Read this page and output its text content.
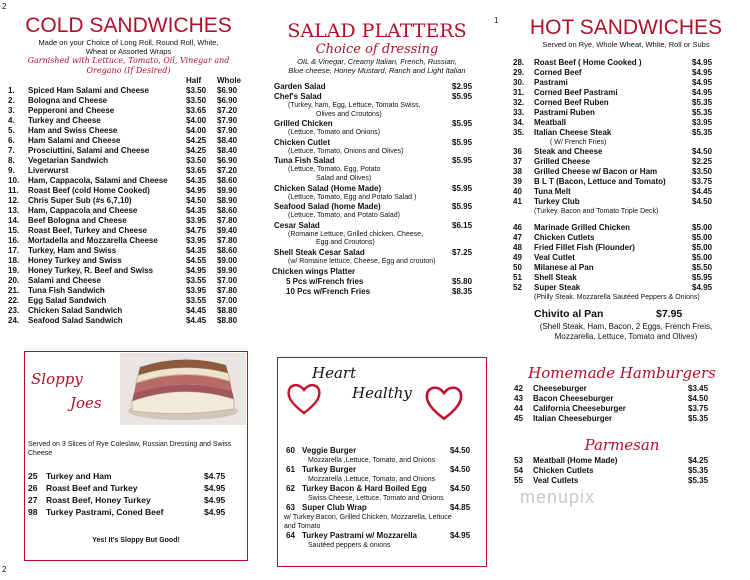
2
1
2
COLD SANDWICHES
Made on your Choice of Long Roll, Round Roll, White,
Wheat or Assorted Wraps
Garnished with Lettuce, Tomato, Oil, Vinegar and
Oregano (If Desired)
Half Whole
1. Spiced Ham Salami and Cheese	$3.50 $6.90
2. Bologna and Cheese	$3.50 $6.90
3. Pepperoni and Cheese	$3.65 $7.20
4. Turkey and Cheese	$4.00 $7.90
5. Ham and Swiss Cheese	$4.00 $7.90
6. Ham Salami and Cheese	$4.25 $8.40
7. Prosciuttini, Salami and Cheese	$4.25 $8.40
8. Vegetarian Sandwich	$3.50 $6.90
9. Liverwurst	$3.65 $7.20
10. Ham, Cappacola, Salami and Cheese $4.35 $8.60
11. Roast Beef (cold Home Cooked)	$4.95 $9.90
12. Chris Super Sub (#s 6,7,10)	$4.50 $8.90
13. Ham, Cappacola and Cheese	$4.35 $8.60
14. Beef Bologna and Cheese	$3.95 $7.80
15. Roast Beef, Turkey and Cheese	$4.75 $9.40
16. Mortadella and Mozzarella Cheese	$3.95 $7.80
17. Turkey, Ham and Swiss	$4.35 $8.60
18. Honey Turkey and Swiss	$4.55 $9.00
19. Honey Turkey, R. Beef and Swiss	$4.95 $9.90
20. Salami and Cheese	$3.55 $7.00
21. Tuna Fish Sandwich	$3.95 $7.80
22. Egg Salad Sandwich	$3.55 $7.00
23. Chicken Salad Sandwich	$4.45 $8.80
24. Seafood Salad Sandwich	$4.45 $8.80
SALAD PLATTERS
Choice of dressing
OIL & Vinegar, Creamy Italian, French, Russian,
Blue cheese, Honey Mustard, Ranch and Light Italian
Garden Salad	$2.95
Chef's Salad	$5.95
(Turkey, ham, Egg, Lettuce, Tomato Swiss,
Olives and Croutons)
Grilled Chicken	$5.95
(Lettuce, Tomato and Onions)
Chicken Cutlet	$5.95
(Lettuce, Tomato, Onions and Olives)
Tuna Fish Salad	$5.95
(Lettuce, Tomato, Egg, Potato
Salad and Olives)
Chicken Salad (Home Made)	$5.95
(Lettuce, Tomato, Egg and Potato Salad )
Seafood Salad (home Made)	$5.95
(Lettuce, Tomato, and Potato Salad)
Cesar Salad	$6.15
(Romaine Lettuce, Grilled chicken, Cheese,
Egg and Croutons)
Shell Steak Cesar Salad	$7.25
(w/ Romaine lettuce, Cheese, Egg and crouton)
Chicken wings Platter
5 Pcs w/French fries	$5.80
10 Pcs w/French Fries	$8.35
HOT SANDWICHES
Served on Rye, Whole Wheat, White, Roll or Subs
28. Roast Beef ( Home Cooked )	$4.95
29. Corned Beef	$4.95
30. Pastrami	$4.95
31. Corned Beef Pastrami	$4.95
32. Corned Beef Ruben	$5.35
33. Pastrami Ruben	$5.35
34. Meatball	$3.95
35. Italian Cheese Steak	$5.35
( W/ French Fries)
36 Steak and Cheese	$4.50
37 Grilled Cheese	$2.25
38 Grilled Cheese w/ Bacon or Ham	$3.50
39 B L T (Bacon, Lettuce and Tomato)	$3.75
40 Tuna Melt	$4.45
41 Turkey Club	$4.50
(Turkey, Bacon and Tomato Triple Deck)
46 Marinade Grilled Chicken	$5.00
47 Chicken Cutlets	$5.00
48 Fried Fillet Fish (Flounder)	$5.00
49 Veal Cutlet	$5.00
50 Milanese al Pan	$5.50
51 Shell Steak	$5.95
52 Super Steak	$4.95
(Philly Steak. Mozzarella Sautéed Peppers & Onions)
Chivito al Pan	$7.95
(Shell Steak, Ham, Bacon, 2 Eggs, French Freis,
Mozzarella, Lettuce, Tomato and Olives)
Sloppy
Joes
Served on 3 Slices of Rye Coleslaw, Russian Dressing and Swiss Cheese
25 Turkey and Ham	$4.75
26 Roast Beef and Turkey	$4.95
27 Roast Beef, Honey Turkey	$4.95
98 Turkey Pastrami, Coned Beef	$4.95
Yes! It's Sloppy But Good!
Heart
Healthy
60 Veggie Burger	$4.50
Mozzarella ,Lettuce, Tomato, and Onions
61 Turkey Burger	$4.50
Mozzarella ,Lettuce, Tomato, and Onions
62 Turkey Bacon & Hard Boiled Egg	$4.50
Swiss Cheese, Lettuce, Tomato and Onions
63 Super Club Wrap	$4.85
w/ Turkey Bacon, Grilled Chicken, Mozzarella, Lettuce
and Tomato
64 Turkey Pastrami w/ Mozzarella	$4.95
Sautéed peppers & onions
Homemade Hamburgers
42 Cheeseburger	$3.45
43 Bacon Cheeseburger	$4.50
44 California Cheeseburger	$3.75
45 Italian Cheeseburger	$5.35
Parmesan
53 Meatball (Home Made)	$4.25
54 Chicken Cutlets	$5.35
55 Veal Cutlets	$5.35
menupix
